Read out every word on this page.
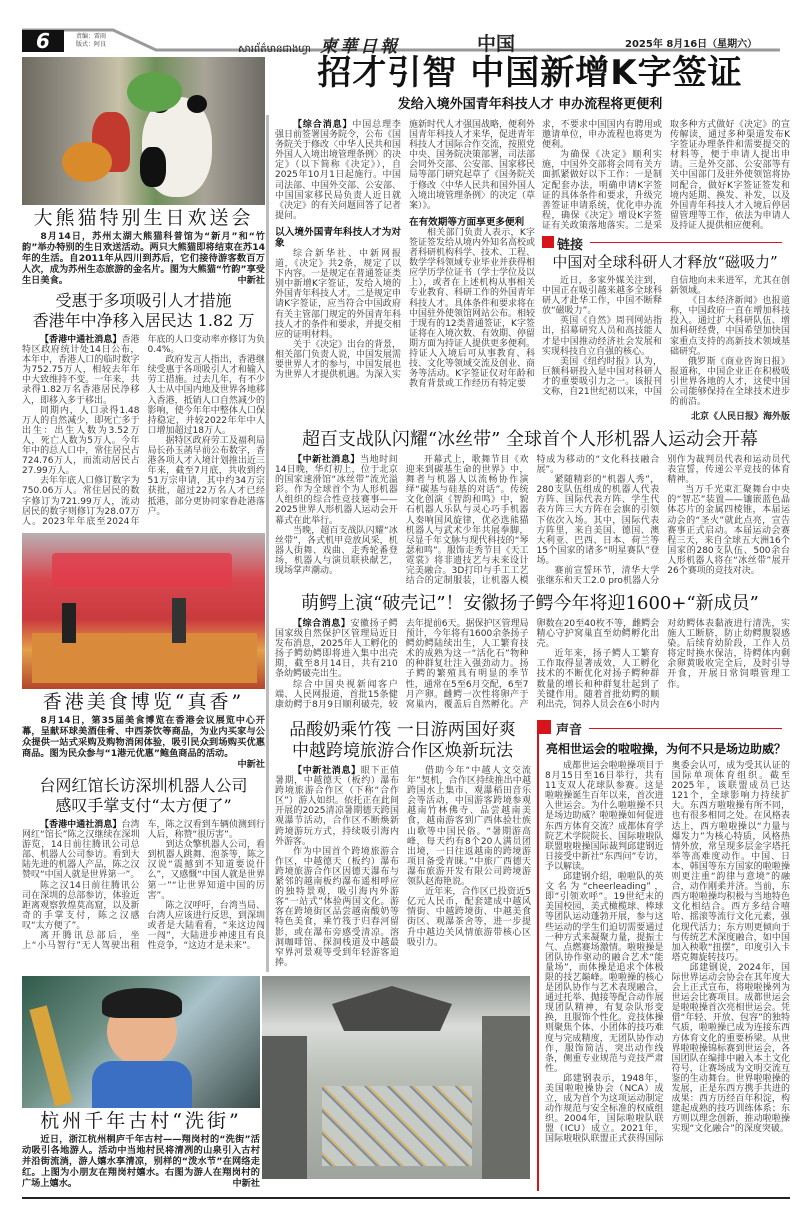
6	责编：雷雨
版式：阿良	សារព័ត៌មានជាងហ្វា 柬華日報	中国	2025年 8月16日（星期六）
大熊猫特别生日欢送会

8月14日，苏州太湖大熊猫科普馆为“新月”和“竹韵”举办特别的生日欢送活动。两只大熊猫即将结束在苏14年的生活。自2011年从四川到苏后，它们接待游客数百万人次，成为苏州生态旅游的金名片。图为大熊猫“竹韵”享受生日美食。	中新社

受惠于多项吸引人才措施
香港年中净移入居民达 1.82 万

【香港中通社消息】香港特区政府统计处14日公布，本年中，香港人口的临时数字为752.75万人，相较去年年中大致维持不变。一年来，共录得1.82万名香港居民净移入，即移入多于移出。

同期内，人口录得1.48万人的自然减少，即死亡多于出生：出生人数为3.52万人，死亡人数为5万人。今年年中的总人口中，常住居民占724.76万人，而流动居民占27.99万人。

去年年底人口修订数字为750.06万人。常住居民的数字修订为721.99万人，流动居民的数字则修订为28.07万人。2023年年底至2024年年底的人口变动率亦修订为负0.4%。

政府发言人指出，香港继续受惠于各项吸引人才和输入劳工措施。过去几年，有不少人士从中国内地及世界各地移入香港，抵销人口自然减少的影响，使今年年中整体人口保持稳定，并较2022年年中人口增加超过18万人。

据特区政府劳工及福利局局长孙玉菡早前公布数字，香港各项人才入境计划推出近三年来，截至7月底，共收到约51万宗申请，其中约34万宗获批，超过22万名人才已经抵港，部分更协同家眷赴港落户。

香港美食博览“真香”

8月14日，第35届美食博览在香港会议展览中心开幕，呈献环球美酒佳肴、中西茶饮等商品，为业内买家与公众提供一站式采购及购物消闲体验，吸引民众到场购买优惠商品。图为民众参与“1港元优惠”鲍鱼商品的活动。
中新社

台网红馆长访深圳机器人公司
感叹手掌支付“太方便了”

【香港中通社消息】台湾网红“馆长”陈之汉继续在深圳游览，14日前往腾讯公司总部、机器人公司参访。看到大陆先进的机器人产品，陈之汉赞叹“中国人就是世界第一”。

陈之汉14日前往腾讯公司在深圳的总部参访，体验近距离观察敦煌莫高窟，以及新奇的手掌支付，陈之汉感叹“太方便了”。

离开腾讯总部后，坐上“小马智行”无人驾驶出租车，陈之汉看到车辆侦测到行人后，称赞“很厉害”。

到达众擎机器人公司，看到机器人跳舞、泡茶等，陈之汉说“震撼到不知道要说什么”，又感慨“中国人就是世界第一”“让世界知道中国的厉害”。

陈之汉呼吁，台湾当局、台湾人应该进行反思，到深圳或者是大陆看看，“来这边闯一闯”，大陆进步神速且有良性竞争，“这边才是未来”。

招才引智 中国新增K字签证
发给入境外国青年科技人才 申办流程将更便利

【综合消息】中国总理李强日前签署国务院令，公布《国务院关于修改〈中华人民共和国外国人入境出境管理条例〉的决定》（以下简称《决定》），自2025年10月1日起施行。中国司法部、中国外交部、公安部、中国国家移民局负责人近日就《决定》的有关问题回答了记者提问。

以入境外国青年科技人才为对象

综合新华社、中新网报道，《决定》共2条，规定了以下内容。一是规定在普通签证类别中新增K字签证，发给入境的外国青年科技人才。二是规定申请K字签证，应当符合中国政府有关主管部门规定的外国青年科技人才的条件和要求，并提交相应的证明材料。

关于《决定》出台的背景，相关部门负责人说，中国发展需要世界人才的参与，中国发展也为世界人才提供机遇。为深入实施新时代人才强国战略，便利外国青年科技人才来华，促进青年科技人才国际合作交流，按照党中央、国务院决策部署，司法部会同外交部、公安部、国家移民局等部门研究起草了《国务院关于修改〈中华人民共和国外国人入境出境管理条例〉的决定（草案）》。

在有效期等方面享更多便利

相关部门负责人表示，K字签证签发给从境内外知名高校或者科研机构科学、技术、工程、数学学科领域专业毕业并获得相应学历学位证书（学士学位及以上），或者在上述机构从事相关专业教育、科研工作的外国青年科技人才。具体条件和要求将在中国驻外使领馆网站公布。相较于现有的12类普通签证，K字签证将在入境次数、有效期、停留期方面为持证人提供更多便利。持证人入境后可从事教育、科技、文化等领域交流及创业、商务等活动。K字签证仅对年龄和教育背景或工作经历有特定要

求，不要求中国国内有聘用或邀请单位，申办流程也将更为便利。

为确保《决定》顺利实施，中国外交部将会同有关方面抓紧做好以下工作：一是制定配套办法，明确申请K字签证的具体条件和要求，升级完善签证申请系统，优化申办流程，确保《决定》增设K字签证有关政策落地落实。二是采取多种方式做好《决定》的宣传解读，通过多种渠道发布K字签证办理条件和需要提交的材料等，便于申请人提出申请。三是外交部、公安部等有关中国部门及驻外使领馆将协同配合，做好K字签证签发和境内延期、换发、补发，以及外国青年科技人才入境后停居留管理等工作，依法为申请人及持证人提供相应便利。

链接
中国对全球科研人才释放“磁吸力”

近日，多家外媒关注到，中国正在吸引越来越多全球科研人才赴华工作，中国不断释放“磁吸力”。

英国《自然》周刊网站指出，招募研究人员和高技能人才是中国推动经济社会发展和实现科技自立自强的核心。

美国《纽约时报》认为，巨额科研投入是中国对科研人才的重要吸引力之一。该报刊文称，自21世纪初以来，中国自信地向未来进军，尤其在创新领域。

《日本经济新闻》也报道称，中国政府一直在增加科技投入。通过扩大科研队伍、增加科研经费，中国希望加快国家重点支持的高新技术领域基础研究。

俄罗斯《商业咨询日报》报道称，中国企业正在积极吸引世界各地的人才，这使中国公司能够保持在全球技术进步的前沿。

北京《人民日报》海外版
超百支战队闪耀“冰丝带” 全球首个人形机器人运动会开幕

【中新社消息】当地时间14日晚，华灯初上，位于北京的国家速滑馆“冰丝带”流光溢彩。作为全球首个为人形机器人组织的综合性竞技赛事——2025世界人形机器人运动会开幕式在此举行。

当晚，超百支战队闪耀“冰丝带”，各式机甲竞放风采，机器人街舞、戏曲、走秀轮番登场，机器人与演员联袂献艺，现场掌声潮动。

开幕式上，歌舞节目《欢迎来到碳基生命的世界》中，舞者与机器人以流畅协作演绎“碳基与硅基的对话”。传统文化创演《智韵和鸣》中，貌石机器人乐队与灵心巧手机器人奏响国风旋律，优必选熊猫机器人与武术少年共展拳脚，尽显千年文脉与现代科技的“琴瑟和鸣”。服饰走秀节目《天工霓裳》将非遗技艺与未来设计完美融合。3D打印与手工工艺结合的定制服装，让机器人模特成为移动的“文化科技融合展”。

紧随精彩的“机器人秀”，280支队伍组成的机器人代表方阵、国际代表方阵、学生代表方阵三大方阵在会旗的引领下依次入场。其中，国际代表方阵里，来自美国、德国、澳大利亚、巴西、日本、荷兰等15个国家的诸多“明星赛队”登场。

赛前宣誓环节，清华大学张继东和天工2.0 pro机器人分别作为裁判员代表和运动员代表宣誓，传递公平竞技的体育精神。

当万千光束汇聚舞台中央的“智芯”装置——镶嵌蓝色晶体芯片的金属四棱锥，本届运动会的“圣火”就此点亮，宣告赛事正式启动。本届运动会赛程三天，来自全球五大洲16个国家的280支队伍、500余台人形机器人将在“冰丝带”展开26个赛项的竞技对决。

萌鳄上演“破壳记”！安徽扬子鳄今年将迎1600+“新成员”

【综合消息】安徽扬子鳄国家级自然保护区管理局近日发布消息，2025年人工孵化的扬子鳄幼鳄即将进入集中出壳期，截至8月14日，共有210条幼鳄破壳出生。

综合中国央视新闻客户端、人民网报道，首批15条健康幼鳄于8月9日顺利破壳，较去年提前6天。据保护区管理局预计，今年将有1600余条扬子鳄幼鳄陆续出生，人工繁育技术的成熟为这一“活化石”物种的种群复壮注入强劲动力。扬子鳄的繁殖具有明显的季节性，通常在5至6月交配，6至7月产卵。雌鳄一次性将卵产于窝巢内，覆盖后自然孵化。产卵数在20至40枚不等，雌鳄会精心守护窝巢直至幼鳄孵化出壳。

近年来，扬子鳄人工繁育工作取得显著成效，人工孵化技术的不断优化对扬子鳄种群数量的增长和种群复壮起到了关键作用。随着首批幼鳄的顺利出壳，饲养人员会在6小时内对幼鳄体表黏液进行清洗，实施人工断脐，防止幼鳄腹裂感染。后续育幼阶段，工作人员将定时换水保洁，待鳄体内剩余卵黄吸收完全后，及时引导开食，开展日常饲喂管理工作。

品酸奶乘竹筏 一日游两国好爽
中越跨境旅游合作区焕新玩法

【中新社消息】眼下正值暑期，中越德天（板约）瀑布跨境旅游合作区（下称“合作区”）游人如织。依托正在此间开展的2025清凉暑期德天跨国观瀑节活动，合作区不断焕新跨境游玩方式，持续吸引海内外游客。

作为中国首个跨境旅游合作区，中越德天（板约）瀑布跨境旅游合作区因德天瀑布与紧邻的越南板约瀑布遥相呼应的独特景观，吸引海内外游客“一站式”体验两国文化。游客在跨境街区品尝越南酸奶等特色美食，乘竹筏于归春河留影，或在瀑布旁感受清凉。溶洞咖啡馆、探洞栈道及中越最窄界河景观等受到年轻游客追捧。

借助今年“中越人文交流年”契机，合作区持续推出中越跨国水上集市、观瀑稻田音乐会等活动，中国游客跨境参观越南竹林佛寺、品尝越南美食，越南游客到广西体验壮族山歌等中国民俗。“暑期游高峰，每天约有8个20人满员团出境，一日往返越南的跨境游项目备受青睐。”中旅广西德天瀑布旅游开发有限公司跨境游领队赵海艳说。

近年来，合作区已投资近5亿元人民币，配套建成中越风情街、中越跨境街、中越美食街区、观瀑茶舍等，进一步提升中越边关风情旅游带核心区吸引力。

声音
亮相世运会的啦啦操，为何不只是场边助威？

成都世运会啦啦操项目于8月15日至16日举行，共有11支双人花球队参赛。这是啦啦操诞生百年以来，首次进入世运会。为什么啦啦操不只是场边助威？啦啦操如何促进东西方体育交流？成都体育学院艺术学院院长、国际啦啦队联盟啦啦操国际裁判邱建钢近日接受中新社“东西问”专访，予以解读。

邱建钢介绍，啦啦队的英文名为“cheerleading”，即“引领欢呼”。19世纪末的美国校园，美式橄榄球、棒球等团队运动蓬勃开展，参与这些运动的学生们迫切需要通过一种方式来凝聚力量，提振士气、点燃赛场激情。啦啦操是团队协作驱动的融合艺术“能量场”，而体操是追求个体极限的技艺巅峰。啦啦操的核心是团队协作与艺术表现融合，通过托举、抛接等配合动作展现团队精神，有复杂队形变换，且服饰个性化。竞技体操则聚焦个体、小团体的技巧难度与完成精度，无团队协作动作，服饰简洁，突出动作线条，侧重专业规范与竞技严肃性。

邱建钢表示，1948年，美国啦啦操协会（NCA）成立，成为首个为这项运动制定动作规范与安全标准的权威组织。2004年，国际啦啦队联盟（ICU）成立。2021年，国际啦啦队联盟正式获得国际奥委会认可，成为受其认证的国际单项体育组织。截至2025年，该联盟成员已达121个，全球影响力持续扩大。东西方啦啦操有所不同，也有很多相同之处。在风格表达上，西方啦啦操以“力量与爆发力”为核心特质，风格热情外放，常呈现多层金字塔托举等高难度动作。中国、日本、韩国等东方国家的啦啦操则更注重“韵律与意境”的融合，动作刚柔并济。当前，东西方啦啦操均积极与当地特色文化相结合。西方多结合嘻哈、摇滚等流行文化元素，强化现代活力；东方则更倾向于与传统艺术深度融合，如中国加入秧歌“扭摆”，印度引入卡塔克舞旋转技巧。

邱建钢说，2024年，国际世界运动会协会在其年度大会上正式宣布，将啦啦操列为世运会比赛项目。成都世运会是啦啦操首次亮相世运会。凭借“年轻、开放、包容”的独特气质，啦啦操已成为连接东西方体育文化的重要桥梁。从世界啦啦操锦标赛到世运会，各国团队在编排中融入本土文化符号，让赛场成为文明交流互鉴的生动舞台。世界啦啦操的发展，正是东西方携手共进的成果：西方历经百年积淀，构建起成熟的技巧训练体系；东方则以理念创新，推动啦啦操实现“文化融合”的深度突破。

杭州千年古村“洗街”

近日，浙江杭州桐庐千年古村——翔岗村的“洗街”活动吸引各地游人。活动中当地村民将清冽的山泉引入古村并沿街流淌，游人嬉水享清凉，别样的“泼水节”在网络走红。上图为小朋友在翔岗村嬉水。右图为游人在翔岗村的广场上嬉水。	中新社
